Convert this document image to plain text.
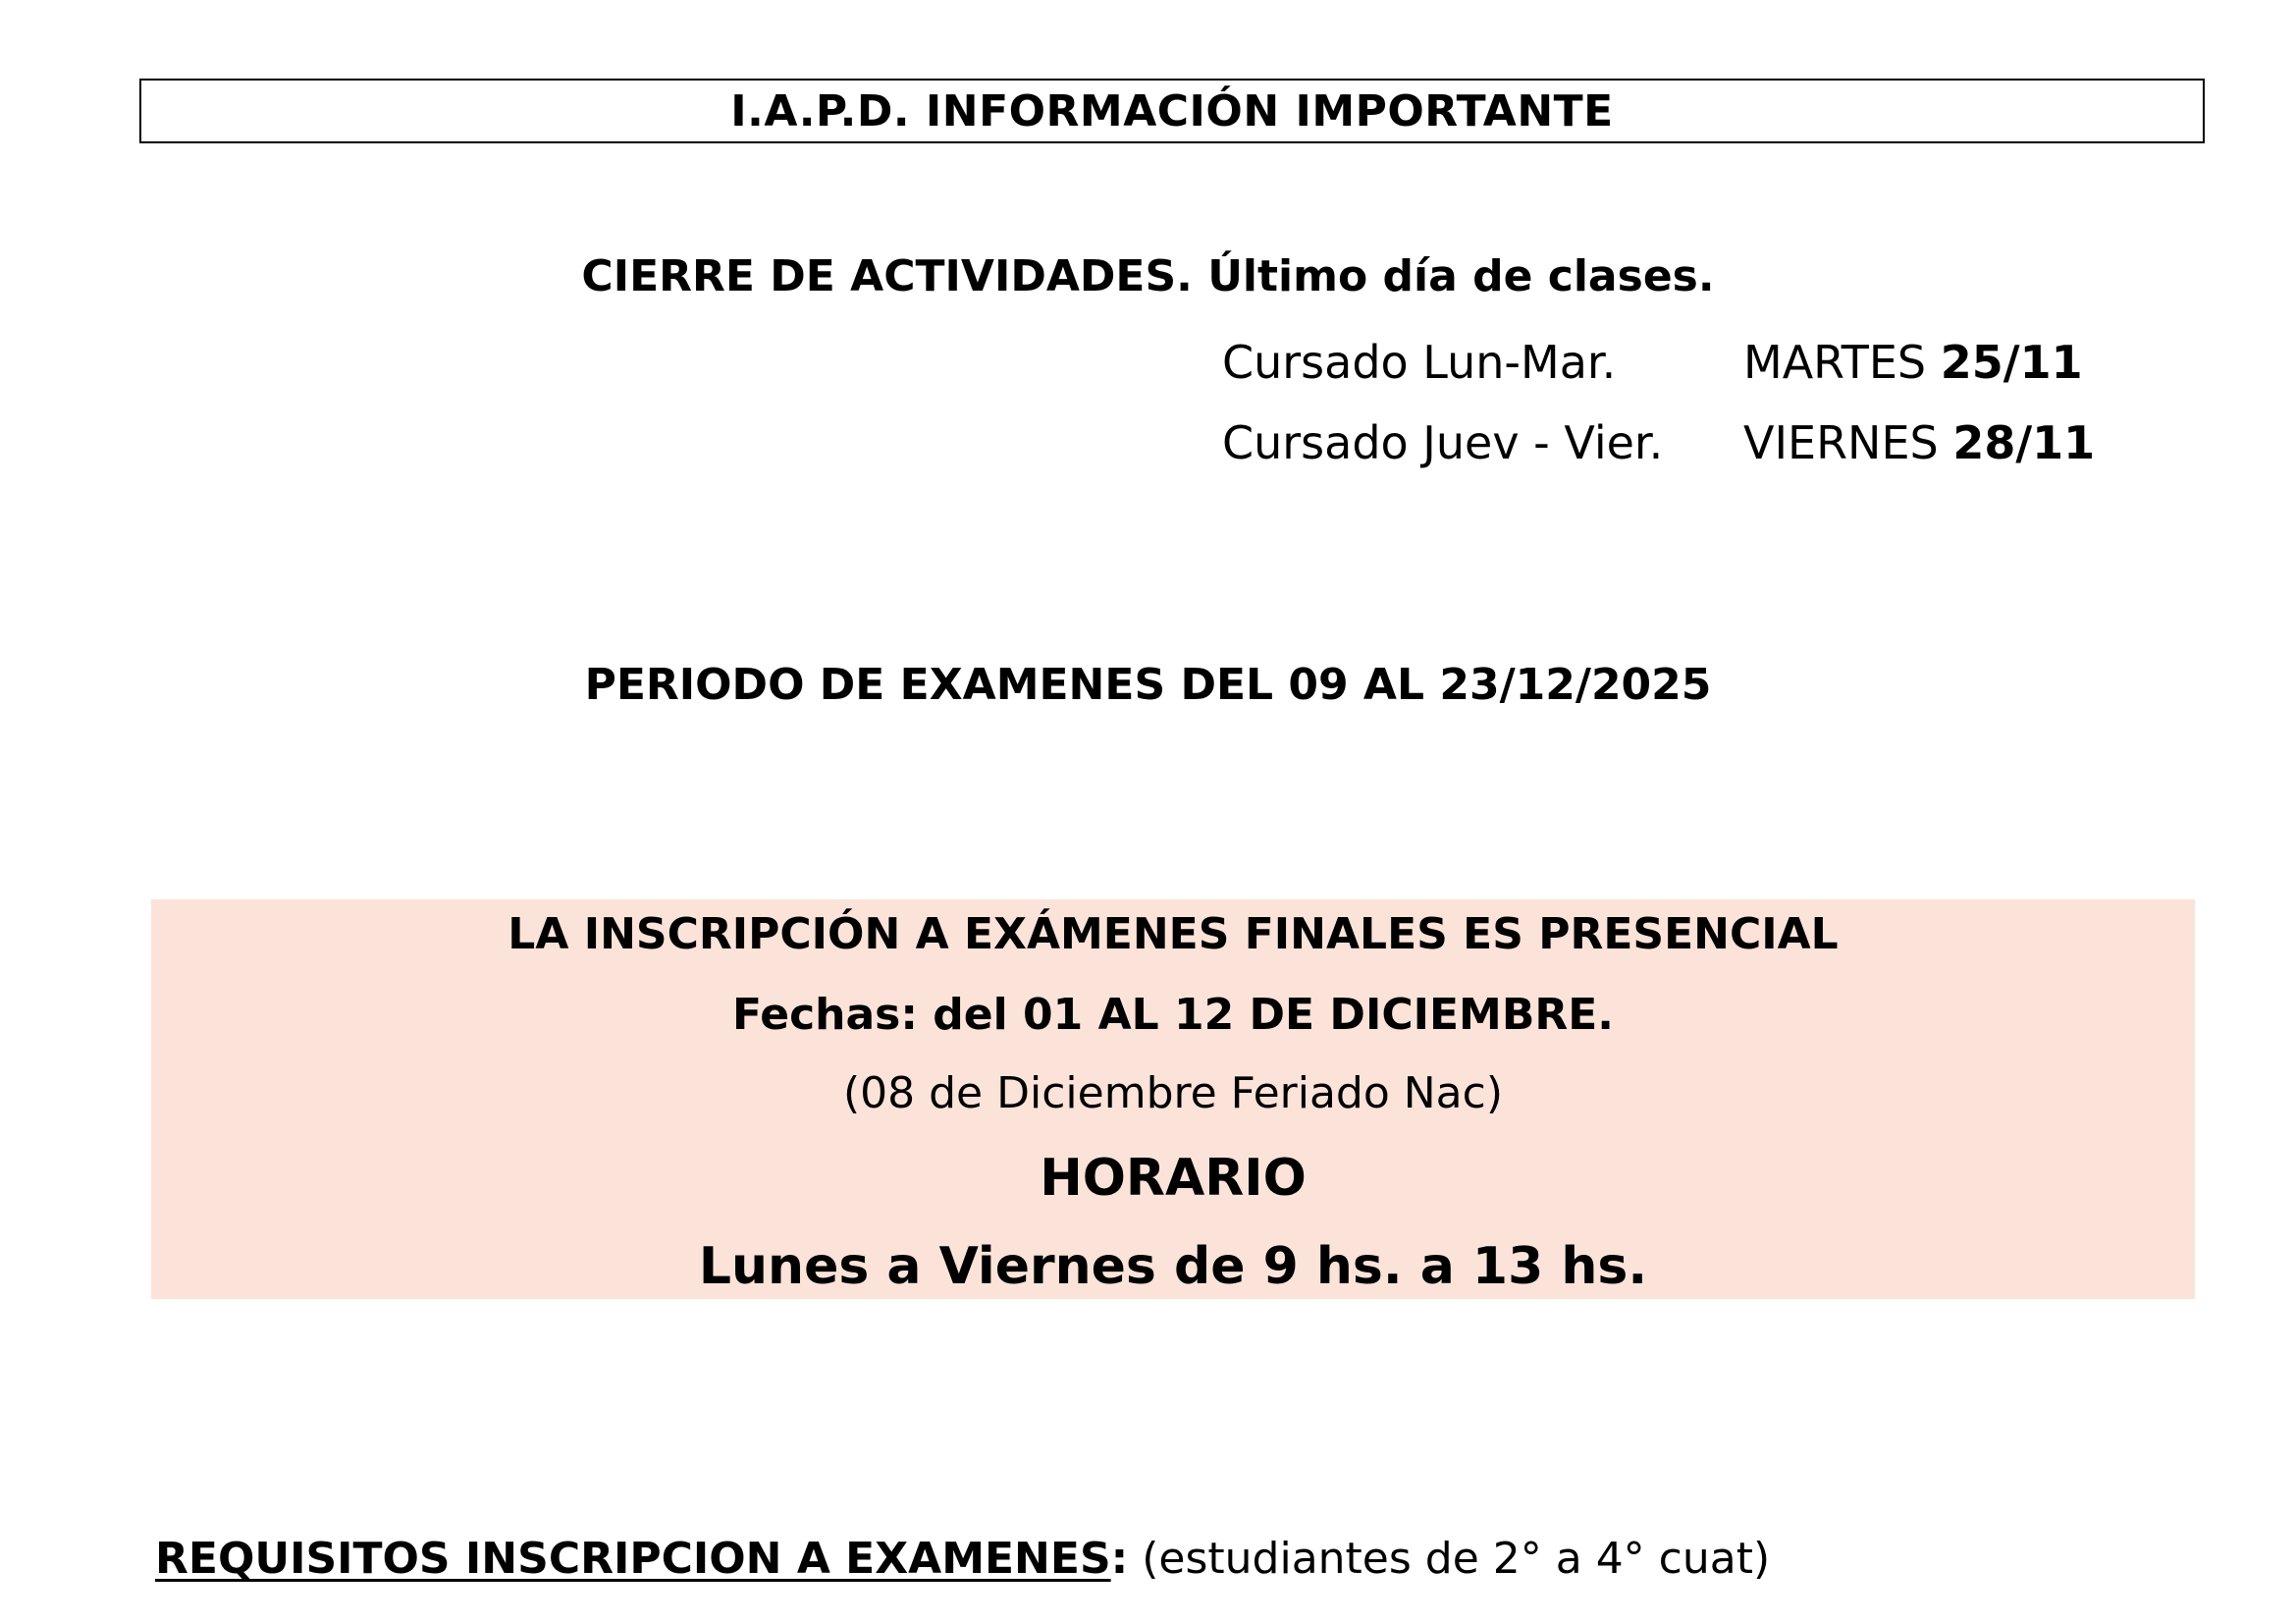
I.A.P.D. INFORMACIÓN IMPORTANTE
CIERRE DE ACTIVIDADES. Último día de clases.
Cursado Lun-Mar.	MARTES 25/11
Cursado Juev - Vier. VIERNES 28/11
PERIODO DE EXAMENES DEL 09 AL 23/12/2025
LA INSCRIPCIÓN A EXÁMENES FINALES ES PRESENCIAL
Fechas: del 01 AL 12 DE DICIEMBRE.
(08 de Diciembre Feriado Nac)
HORARIO
Lunes a Viernes de 9 hs. a 13 hs.
REQUISITOS INSCRIPCION A EXAMENES: (estudiantes de 2° a 4° cuat)
